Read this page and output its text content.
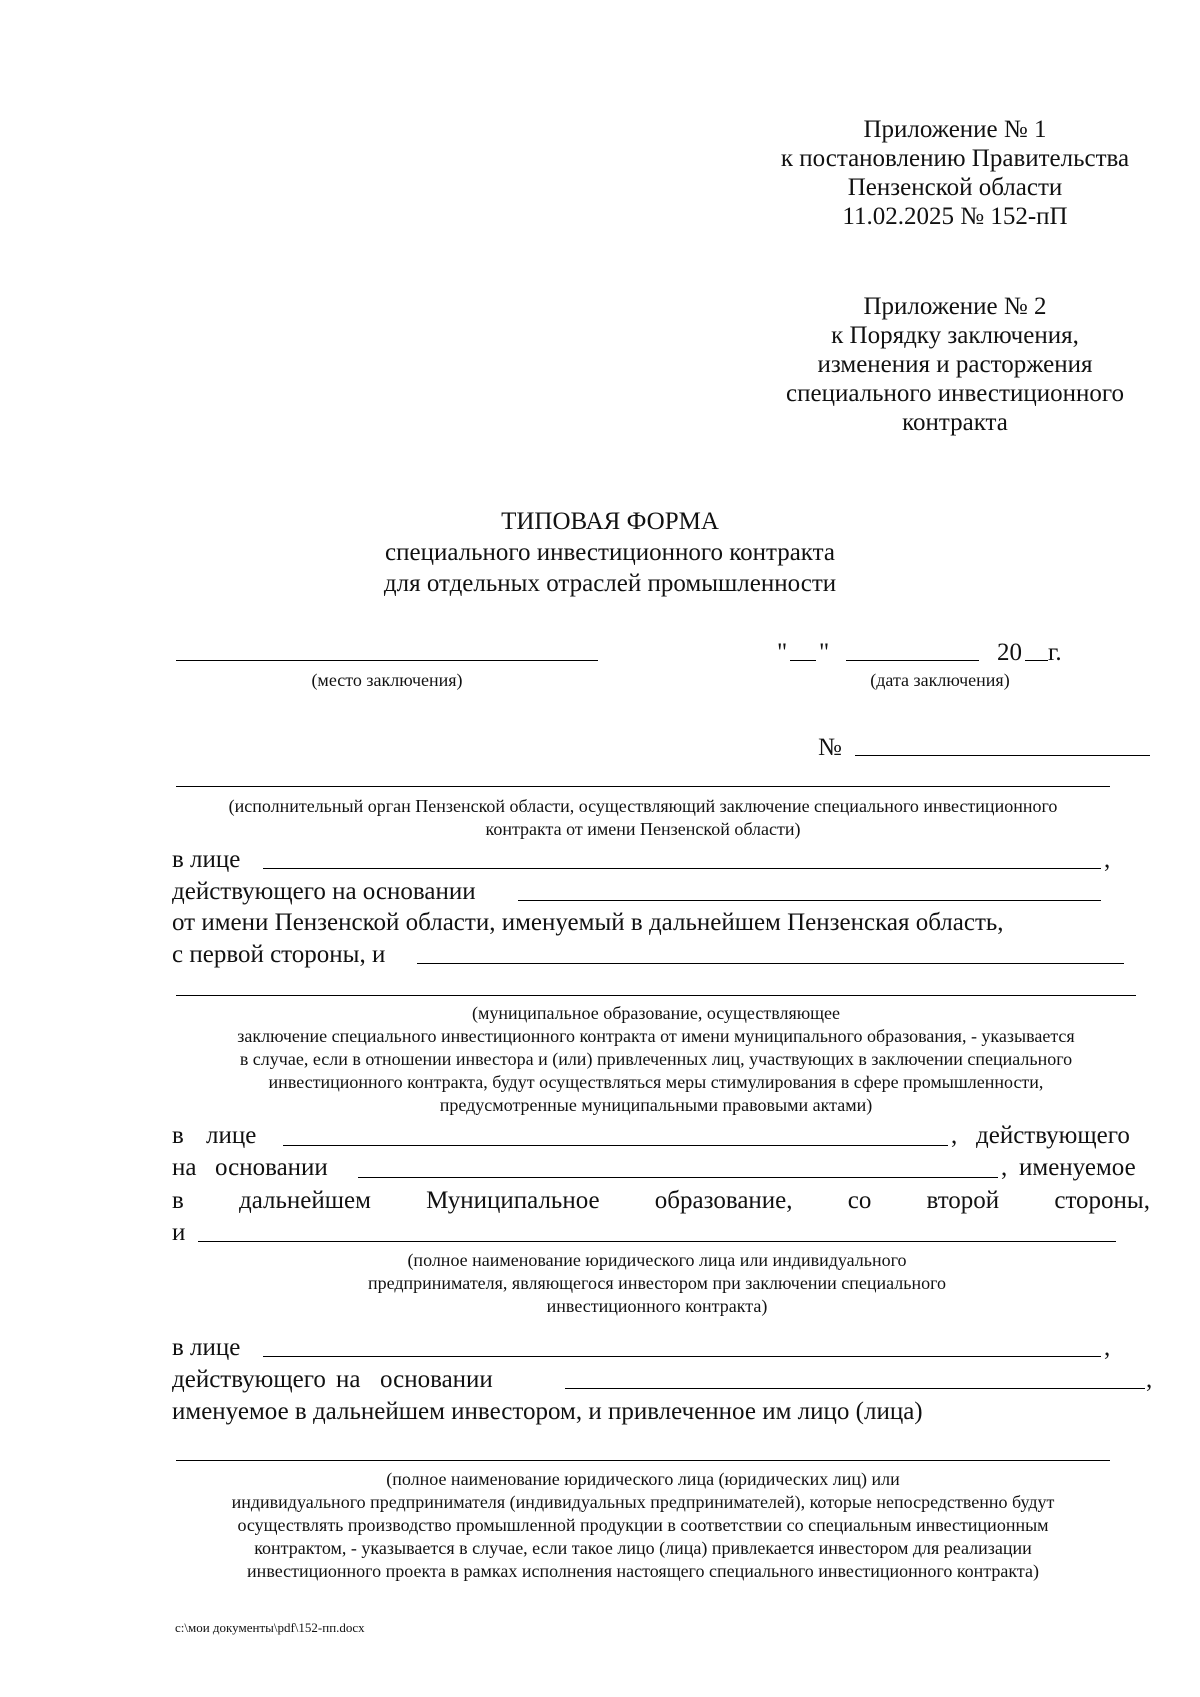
Приложение № 1
к постановлению Правительства
Пензенской области
11.02.2025 № 152-пП
Приложение № 2
к Порядку заключения,
изменения и расторжения
специального инвестиционного
контракта
ТИПОВАЯ ФОРМА
специального инвестиционного контракта
для отдельных отраслей промышленности
(место заключения)
" "	20 г.
(дата заключения)
№
(исполнительный орган Пензенской области, осуществляющий заключение специального инвестиционного
контракта от имени Пензенской области)
в лице	,
действующего на основании
от имени Пензенской области, именуемый в дальнейшем Пензенская область,
с первой стороны, и
(муниципальное образование, осуществляющее
заключение специального инвестиционного контракта от имени муниципального образования, - указывается
в случае, если в отношении инвестора и (или) привлеченных лиц, участвующих в заключении специального
инвестиционного контракта, будут осуществляться меры стимулирования в сфере промышленности,
предусмотренные муниципальными правовыми актами)
в лице	, действующего
на основании	, именуемое
в дальнейшем Муниципальное образование, со второй стороны,
и
(полное наименование юридического лица или индивидуального
предпринимателя, являющегося инвестором при заключении специального
инвестиционного контракта)
в лице	,
действующего на основании	,
именуемое в дальнейшем инвестором, и привлеченное им лицо (лица)
(полное наименование юридического лица (юридических лиц) или
индивидуального предпринимателя (индивидуальных предпринимателей), которые непосредственно будут
осуществлять производство промышленной продукции в соответствии со специальным инвестиционным
контрактом, - указывается в случае, если такое лицо (лица) привлекается инвестором для реализации
инвестиционного проекта в рамках исполнения настоящего специального инвестиционного контракта)
c:\мои документы\pdf\152-пп.docx
